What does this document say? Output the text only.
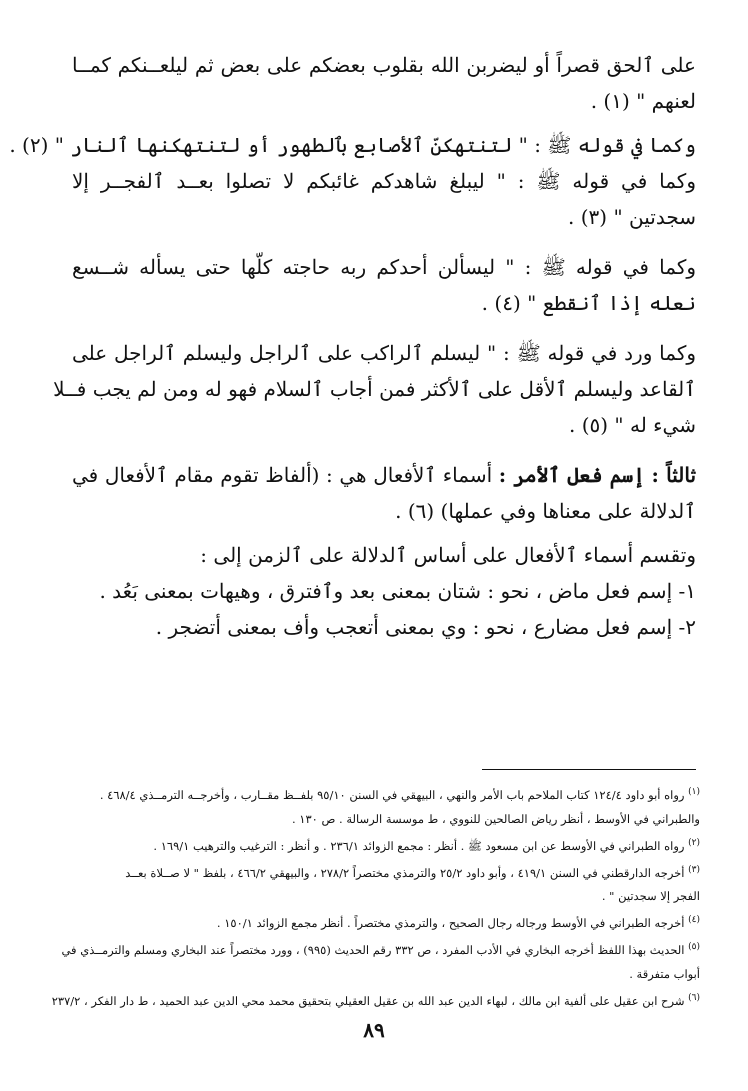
على ٱلحق قصراً أو ليضربن الله بقلوب بعضكم على بعض ثم ليلعــنكم كمــا
لعنهم " (١) .
وكما في قوله ﷺ : " لتنتهكنّ ٱلأصابع بٱلطهور أو لتنتهكنها ٱلنار " (٢) .
وكما في قوله ﷺ : " ليبلغ شاهدكم غائبكم لا تصلوا بعــد ٱلفجــر إلا
سجدتين " (٣) .
وكما في قوله ﷺ : " ليسألن أحدكم ربه حاجته كلّها حتى يسأله شــسع
نعله إذا ٱنقطع " (٤) .
وكما ورد في قوله ﷺ : " ليسلم ٱلراكب على ٱلراجل وليسلم ٱلراجل على
ٱلقاعد وليسلم ٱلأقل على ٱلأكثر فمن أجاب ٱلسلام فهو له ومن لم يجب فــلا
شيء له " (٥) .
ثالثاً : إسم فعل ٱلأمر : أسماء ٱلأفعال هي : (ألفاظ تقوم مقام ٱلأفعال في
ٱلدلالة على معناها وفي عملها) (٦) .
وتقسم أسماء ٱلأفعال على أساس ٱلدلالة على ٱلزمن إلى :
١- إسم فعل ماض ، نحو : شتان بمعنى بعد وٱفترق ، وهيهات بمعنى بَعُد .
٢- إسم فعل مضارع ، نحو : وي بمعنى أتعجب وأف بمعنى أتضجر .
$^{(١)}$ رواه أبو داود ١٢٤/٤ كتاب الملاحم باب الأمر والنهي ، البيهقي في السنن ٩٥/١٠ بلفــظ مقــارب ، وأخرجــه الترمــذي ٤٦٨/٤ .
والطبراني في الأوسط ، أنظر رياض الصالحين للنووي ، ط موسسة الرسالة . ص ١٣٠ .
$^{(٢)}$ رواه الطبراني في الأوسط عن ابن مسعود ﷺ . أنظر : مجمع الزوائد ٢٣٦/١ . و أنظر : الترغيب والترهيب ١٦٩/١ .
$^{(٣)}$ أخرجه الدارقطني في السنن ٤١٩/١ ، وأبو داود ٢٥/٢ والترمذي مختصراً ٢٧٨/٢ ، والبيهقي ٤٦٦/٢ ، بلفظ " لا صــلاة بعــد
الفجر إلا سجدتين " .
$^{(٤)}$ أخرجه الطبراني في الأوسط ورجاله رجال الصحيح ، والترمذي مختصراً . أنظر مجمع الزوائد ١٥٠/١ .
$^{(٥)}$ الحديث بهذا اللفظ أخرجه البخاري في الأدب المفرد ، ص ٣٣٢ رقم الحديث (٩٩٥) ، وورد مختصراً عند البخاري ومسلم والترمــذي في
أبواب متفرقة .
$^{(٦)}$ شرح ابن عقيل على ألفية ابن مالك ، لبهاء الدين عبد الله بن عقيل العقيلي بتحقيق محمد محي الدين عبد الحميد ، ط دار الفكر ، ٢٣٧/٢
٨٩
